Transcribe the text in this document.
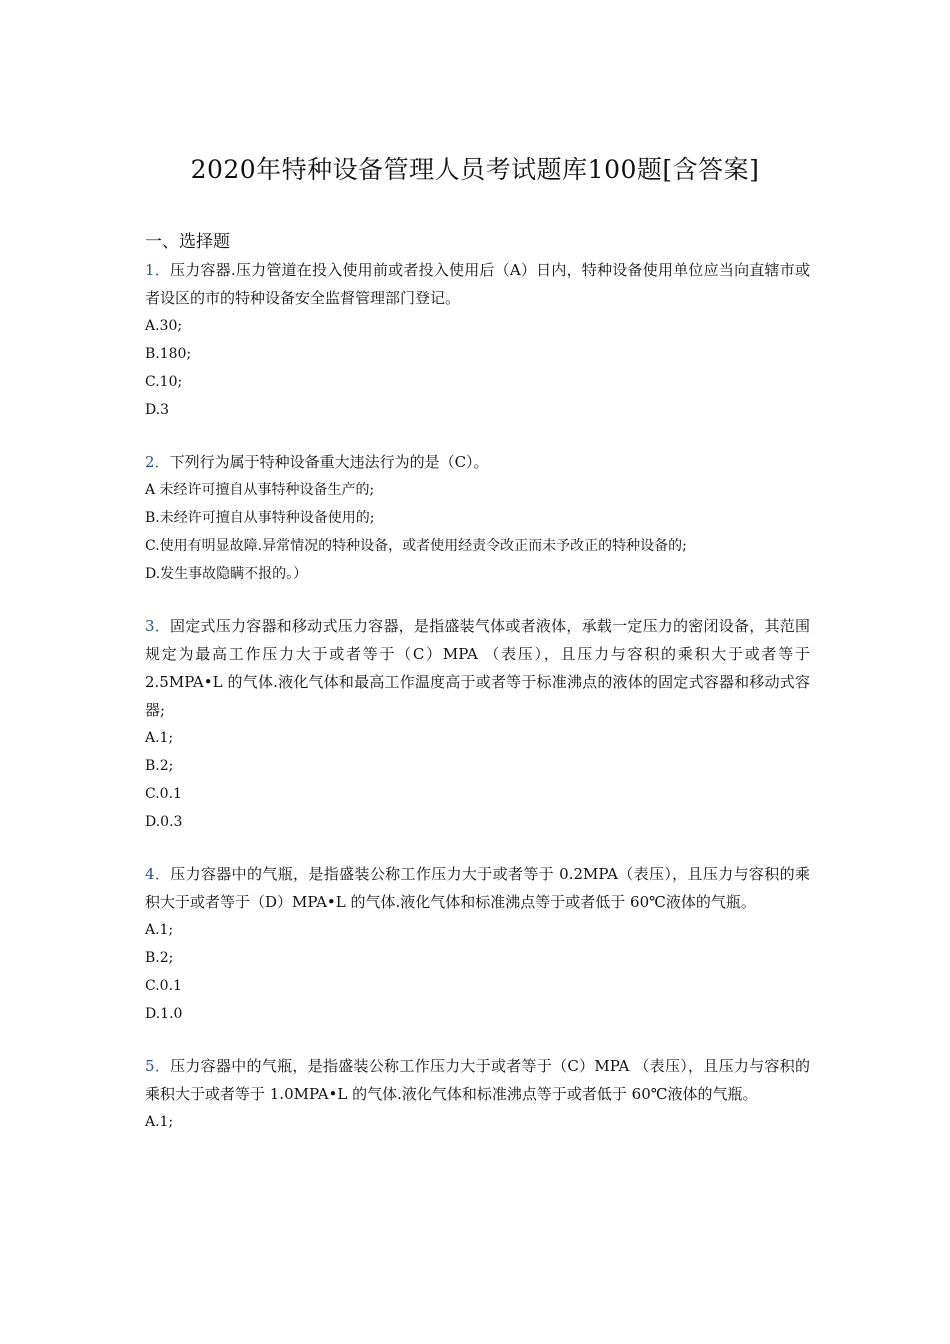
2020年特种设备管理人员考试题库100题[含答案]
一、选择题

1．压力容器.压力管道在投入使用前或者投入使用后（A）日内，特种设备使用单位应当向直辖市或者设区的市的特种设备安全监督管理部门登记。

A.30;

B.180;

C.10;

D.3

2．下列行为属于特种设备重大违法行为的是（C）。

A 未经许可擅自从事特种设备生产的;

B.未经许可擅自从事特种设备使用的;

C.使用有明显故障.异常情况的特种设备，或者使用经责令改正而未予改正的特种设备的;

D.发生事故隐瞒不报的。）

3．固定式压力容器和移动式压力容器，是指盛装气体或者液体，承载一定压力的密闭设备，其范围规定为最高工作压力大于或者等于（C）MPA （表压），且压力与容积的乘积大于或者等于 2.5MPA•L 的气体.液化气体和最高工作温度高于或者等于标准沸点的液体的固定式容器和移动式容器;

A.1;

B.2;

C.0.1

D.0.3

4．压力容器中的气瓶，是指盛装公称工作压力大于或者等于 0.2MPA（表压），且压力与容积的乘积大于或者等于（D）MPA•L 的气体.液化气体和标准沸点等于或者低于 60℃液体的气瓶。

A.1;

B.2;

C.0.1

D.1.0

5．压力容器中的气瓶，是指盛装公称工作压力大于或者等于（C）MPA （表压），且压力与容积的乘积大于或者等于 1.0MPA•L 的气体.液化气体和标准沸点等于或者低于 60℃液体的气瓶。

A.1;
